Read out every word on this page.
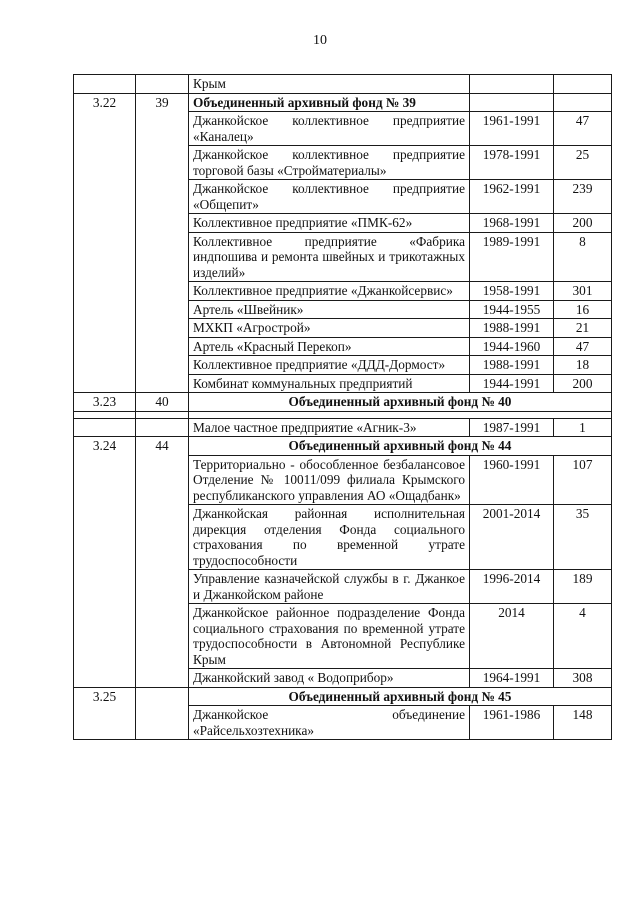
10
		Крым		
3.22	39	Объединенный архивный фонд № 39		
		Джанкойское коллективное предприятие «Каналец»	1961-1991	47
		Джанкойское коллективное предприятие торговой базы «Стройматериалы»	1978-1991	25
		Джанкойское коллективное предприятие «Общепит»	1962-1991	239
		Коллективное предприятие «ПМК-62»	1968-1991	200
		Коллективное предприятие «Фабрика индпошива и ремонта швейных и трикотажных изделий»	1989-1991	8
		Коллективное предприятие «Джанкойсервис»	1958-1991	301
		Артель «Швейник»	1944-1955	16
		МХКП «Агрострой»	1988-1991	21
		Артель «Красный Перекоп»	1944-1960	47
		Коллективное предприятие «ДДД-Дормост»	1988-1991	18
		Комбинат коммунальных предприятий	1944-1991	200
3.23	40	Объединенный архивный фонд № 40		

		Малое частное предприятие «Агник-3»	1987-1991	1
3.24	44	Объединенный архивный фонд № 44		
		Территориально - обособленное безбалансовое Отделение № 10011/099 филиала Крымского республиканского управления АО «Ощадбанк»	1960-1991	107
		Джанкойская районная исполнительная дирекция отделения Фонда социального страхования по временной утрате трудоспособности	2001-2014	35
		Управление казначейской службы в г. Джанкое и Джанкойском районе	1996-2014	189
		Джанкойское районное подразделение Фонда социального страхования по временной утрате трудоспособности в Автономной Республике Крым	2014	4
		Джанкойский завод « Водоприбор»	1964-1991	308
3.25		Объединенный архивный фонд № 45		
		Джанкойское объединение «Райсельхозтехника»	1961-1986	148
